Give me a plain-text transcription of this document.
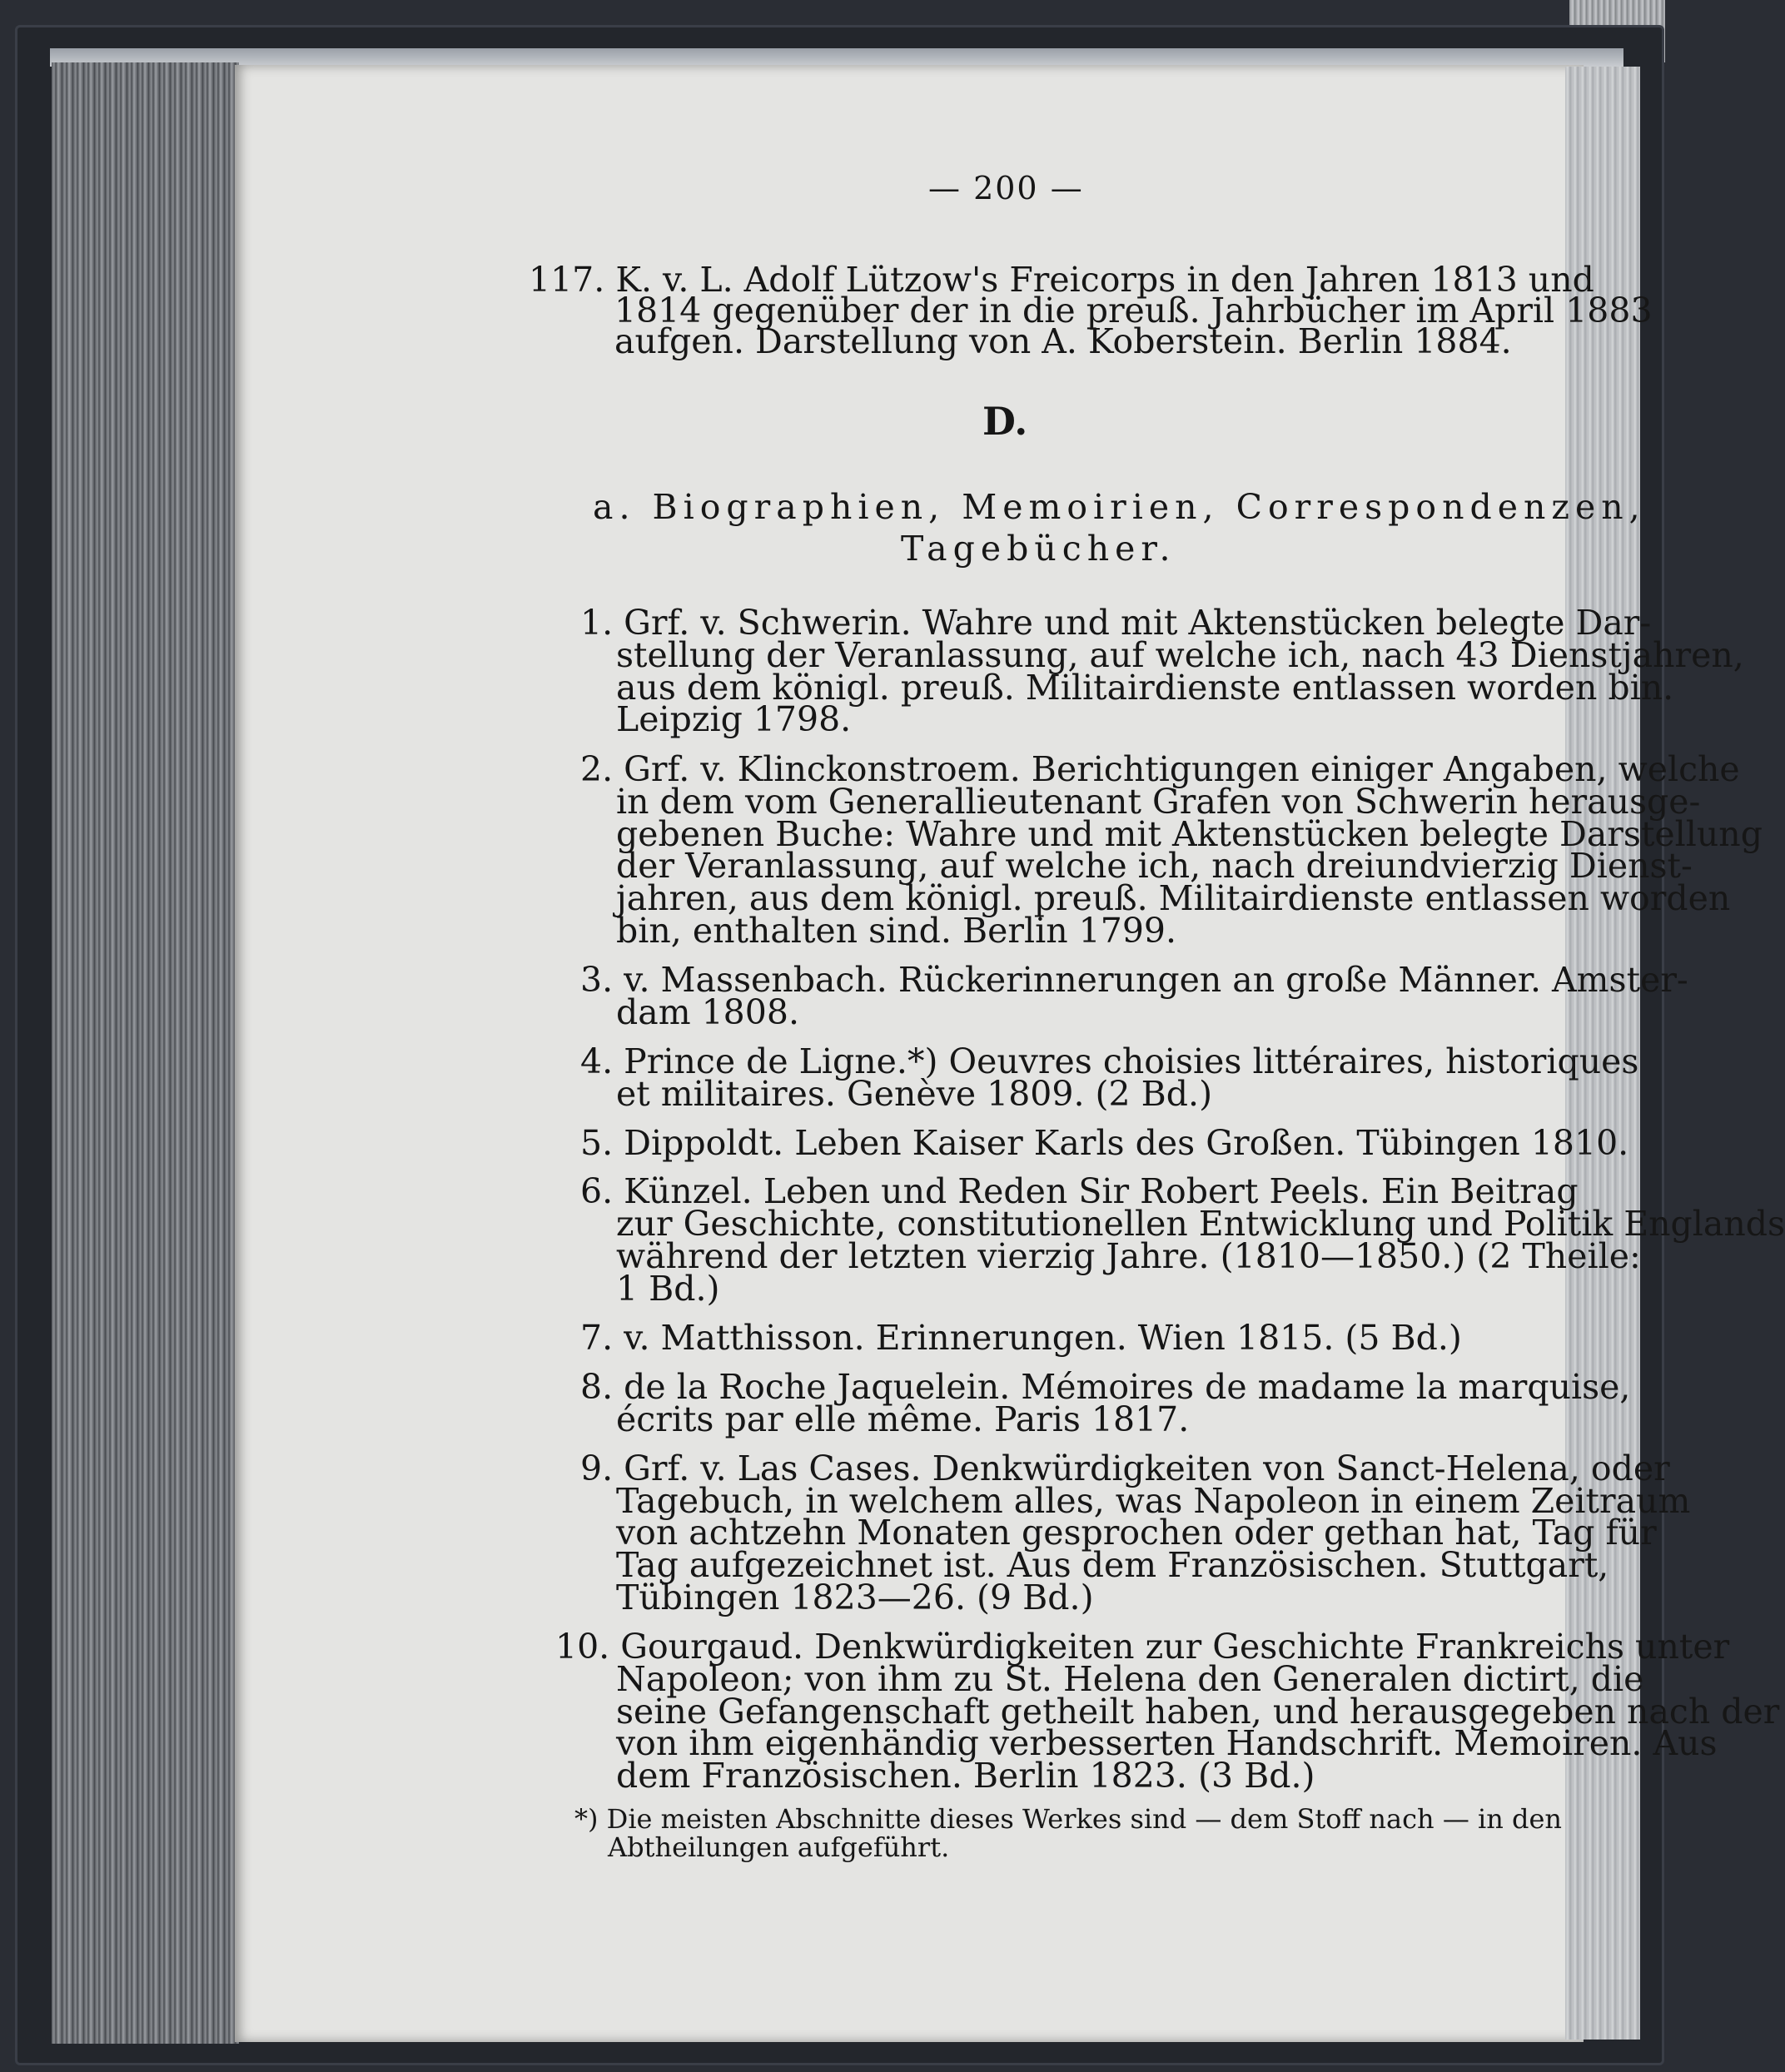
— 200 —
D.
117. K. v. L. Adolf Lützow's Freicorps in den Jahren 1813 und
1814 gegenüber der in die preuß. Jahrbücher im April 1883
aufgen. Darstellung von A. Koberstein. Berlin 1884.
a. Biographien, Memoirien, Correspondenzen,
Tagebücher.
1. Grf. v. Schwerin. Wahre und mit Aktenstücken belegte Dar-
stellung der Veranlassung, auf welche ich, nach 43 Dienstjahren,
aus dem königl. preuß. Militairdienste entlassen worden bin.
Leipzig 1798.
2. Grf. v. Klinckonstroem. Berichtigungen einiger Angaben, welche
in dem vom Generallieutenant Grafen von Schwerin herausge-
gebenen Buche: Wahre und mit Aktenstücken belegte Darstellung
der Veranlassung, auf welche ich, nach dreiundvierzig Dienst-
jahren, aus dem königl. preuß. Militairdienste entlassen worden
bin, enthalten sind. Berlin 1799.
3. v. Massenbach. Rückerinnerungen an große Männer. Amster-
dam 1808.
4. Prince de Ligne.*) Oeuvres choisies littéraires, historiques
et militaires. Genève 1809. (2 Bd.)
5. Dippoldt. Leben Kaiser Karls des Großen. Tübingen 1810.
6. Künzel. Leben und Reden Sir Robert Peels. Ein Beitrag
zur Geschichte, constitutionellen Entwicklung und Politik Englands
während der letzten vierzig Jahre. (1810—1850.) (2 Theile:
1 Bd.)
7. v. Matthisson. Erinnerungen. Wien 1815. (5 Bd.)
8. de la Roche Jaquelein. Mémoires de madame la marquise,
écrits par elle même. Paris 1817.
9. Grf. v. Las Cases. Denkwürdigkeiten von Sanct-Helena, oder
Tagebuch, in welchem alles, was Napoleon in einem Zeitraum
von achtzehn Monaten gesprochen oder gethan hat, Tag für
Tag aufgezeichnet ist. Aus dem Französischen. Stuttgart,
Tübingen 1823—26. (9 Bd.)
10. Gourgaud. Denkwürdigkeiten zur Geschichte Frankreichs unter
Napoleon; von ihm zu St. Helena den Generalen dictirt, die
seine Gefangenschaft getheilt haben, und herausgegeben nach der
von ihm eigenhändig verbesserten Handschrift. Memoiren. Aus
dem Französischen. Berlin 1823. (3 Bd.)
*) Die meisten Abschnitte dieses Werkes sind — dem Stoff nach — in den
Abtheilungen aufgeführt.
